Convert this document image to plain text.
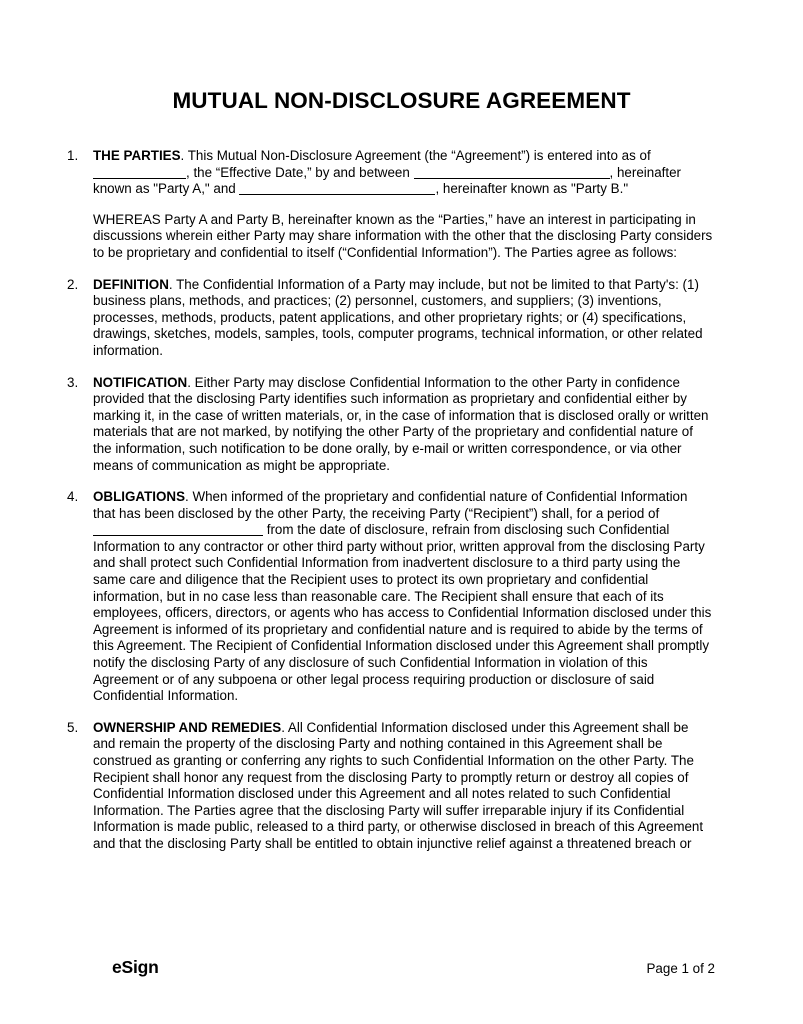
MUTUAL NON-DISCLOSURE AGREEMENT
1.	THE PARTIES. This Mutual Non-Disclosure Agreement (the “Agreement”) is entered into as of , the “Effective Date,” by and between	, hereinafter known as "Party A," and	, hereinafter known as "Party B."

WHEREAS Party A and Party B, hereinafter known as the “Parties,” have an interest in participating in discussions wherein either Party may share information with the other that the disclosing Party considers to be proprietary and confidential to itself (“Confidential Information”). The Parties agree as follows:

2.	DEFINITION. The Confidential Information of a Party may include, but not be limited to that Party's: (1) business plans, methods, and practices; (2) personnel, customers, and suppliers; (3) inventions, processes, methods, products, patent applications, and other proprietary rights; or (4) specifications, drawings, sketches, models, samples, tools, computer programs, technical information, or other related information.

3.	NOTIFICATION. Either Party may disclose Confidential Information to the other Party in confidence provided that the disclosing Party identifies such information as proprietary and confidential either by marking it, in the case of written materials, or, in the case of information that is disclosed orally or written materials that are not marked, by notifying the other Party of the proprietary and confidential nature of the information, such notification to be done orally, by e-mail or written correspondence, or via other means of communication as might be appropriate.

4.	OBLIGATIONS. When informed of the proprietary and confidential nature of Confidential Information that has been disclosed by the other Party, the receiving Party (“Recipient”) shall, for a period of  from the date of disclosure, refrain from disclosing such Confidential Information to any contractor or other third party without prior, written approval from the disclosing Party and shall protect such Confidential Information from inadvertent disclosure to a third party using the same care and diligence that the Recipient uses to protect its own proprietary and confidential information, but in no case less than reasonable care. The Recipient shall ensure that each of its employees, officers, directors, or agents who has access to Confidential Information disclosed under this Agreement is informed of its proprietary and confidential nature and is required to abide by the terms of this Agreement. The Recipient of Confidential Information disclosed under this Agreement shall promptly notify the disclosing Party of any disclosure of such Confidential Information in violation of this Agreement or of any subpoena or other legal process requiring production or disclosure of said Confidential Information.

5.	OWNERSHIP AND REMEDIES. All Confidential Information disclosed under this Agreement shall be and remain the property of the disclosing Party and nothing contained in this Agreement shall be construed as granting or conferring any rights to such Confidential Information on the other Party. The Recipient shall honor any request from the disclosing Party to promptly return or destroy all copies of Confidential Information disclosed under this Agreement and all notes related to such Confidential Information. The Parties agree that the disclosing Party will suffer irreparable injury if its Confidential Information is made public, released to a third party, or otherwise disclosed in breach of this Agreement and that the disclosing Party shall be entitled to obtain injunctive relief against a threatened breach or

eSign	Page 1 of 2
